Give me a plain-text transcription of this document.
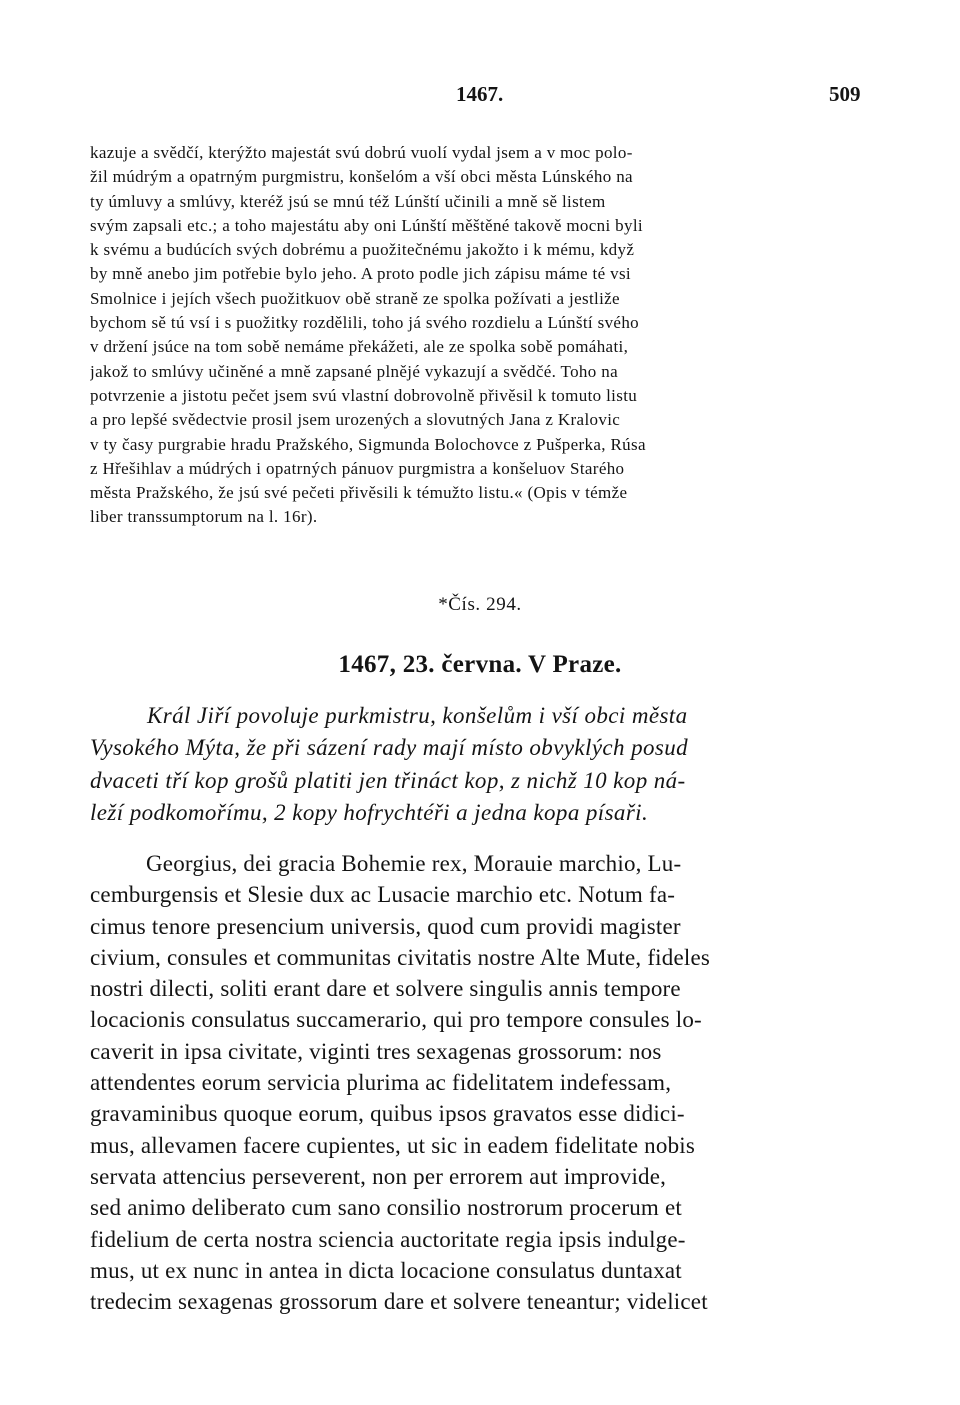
1467.	509
kazuje a svědčí, kterýžto majestát svú dobrú vuolí vydal jsem a v moc polo-
žil múdrým a opatrným purgmistru, konšelóm a vší obci města Lúnského na
ty úmluvy a smlúvy, kteréž jsú se mnú též Lúnští učinili a mně sě listem
svým zapsali etc.; a toho majestátu aby oni Lúnští měštěné takově mocni byli
k svému a budúcích svých dobrému a puožitečnému jakožto i k mému, když
by mně anebo jim potřebie bylo jeho. A proto podle jich zápisu máme té vsi
Smolnice i jejích všech puožitkuov obě straně ze spolka požívati a jestliže
bychom sě tú vsí i s puožitky rozdělili, toho já svého rozdielu a Lúnští svého
v držení jsúce na tom sobě nemáme překážeti, ale ze spolka sobě pomáhati,
jakož to smlúvy učiněné a mně zapsané plnějé vykazují a svědčé. Toho na
potvrzenie a jistotu pečet jsem svú vlastní dobrovolně přivěsil k tomuto listu
a pro lepšé svědectvie prosil jsem urozených a slovutných Jana z Kralovic
v ty časy purgrabie hradu Pražského, Sigmunda Bolochovce z Pušperka, Rúsa
z Hřešihlav a múdrých i opatrných pánuov purgmistra a konšeluov Starého
města Pražského, že jsú své pečeti přivěsili k témužto listu.« (Opis v témže
liber transsumptorum na l. 16r).
*Čís. 294.
1467, 23. června. V Praze.
Král Jiří povoluje purkmistru, konšelům i vší obci města
Vysokého Mýta, že při sázení rady mají místo obvyklých posud
dvaceti tří kop grošů platiti jen třináct kop, z nichž 10 kop ná-
leží podkomořímu, 2 kopy hofrychtéři a jedna kopa písaři.
Georgius, dei gracia Bohemie rex, Morauie marchio, Lu-
cemburgensis et Slesie dux ac Lusacie marchio etc. Notum fa-
cimus tenore presencium universis, quod cum providi magister
civium, consules et communitas civitatis nostre Alte Mute, fideles
nostri dilecti, soliti erant dare et solvere singulis annis tempore
locacionis consulatus succamerario, qui pro tempore consules lo-
caverit in ipsa civitate, viginti tres sexagenas grossorum: nos
attendentes eorum servicia plurima ac fidelitatem indefessam,
gravaminibus quoque eorum, quibus ipsos gravatos esse didici-
mus, allevamen facere cupientes, ut sic in eadem fidelitate nobis
servata attencius perseverent, non per errorem aut improvide,
sed animo deliberato cum sano consilio nostrorum procerum et
fidelium de certa nostra sciencia auctoritate regia ipsis indulge-
mus, ut ex nunc in antea in dicta locacione consulatus duntaxat
tredecim sexagenas grossorum dare et solvere teneantur; videlicet
